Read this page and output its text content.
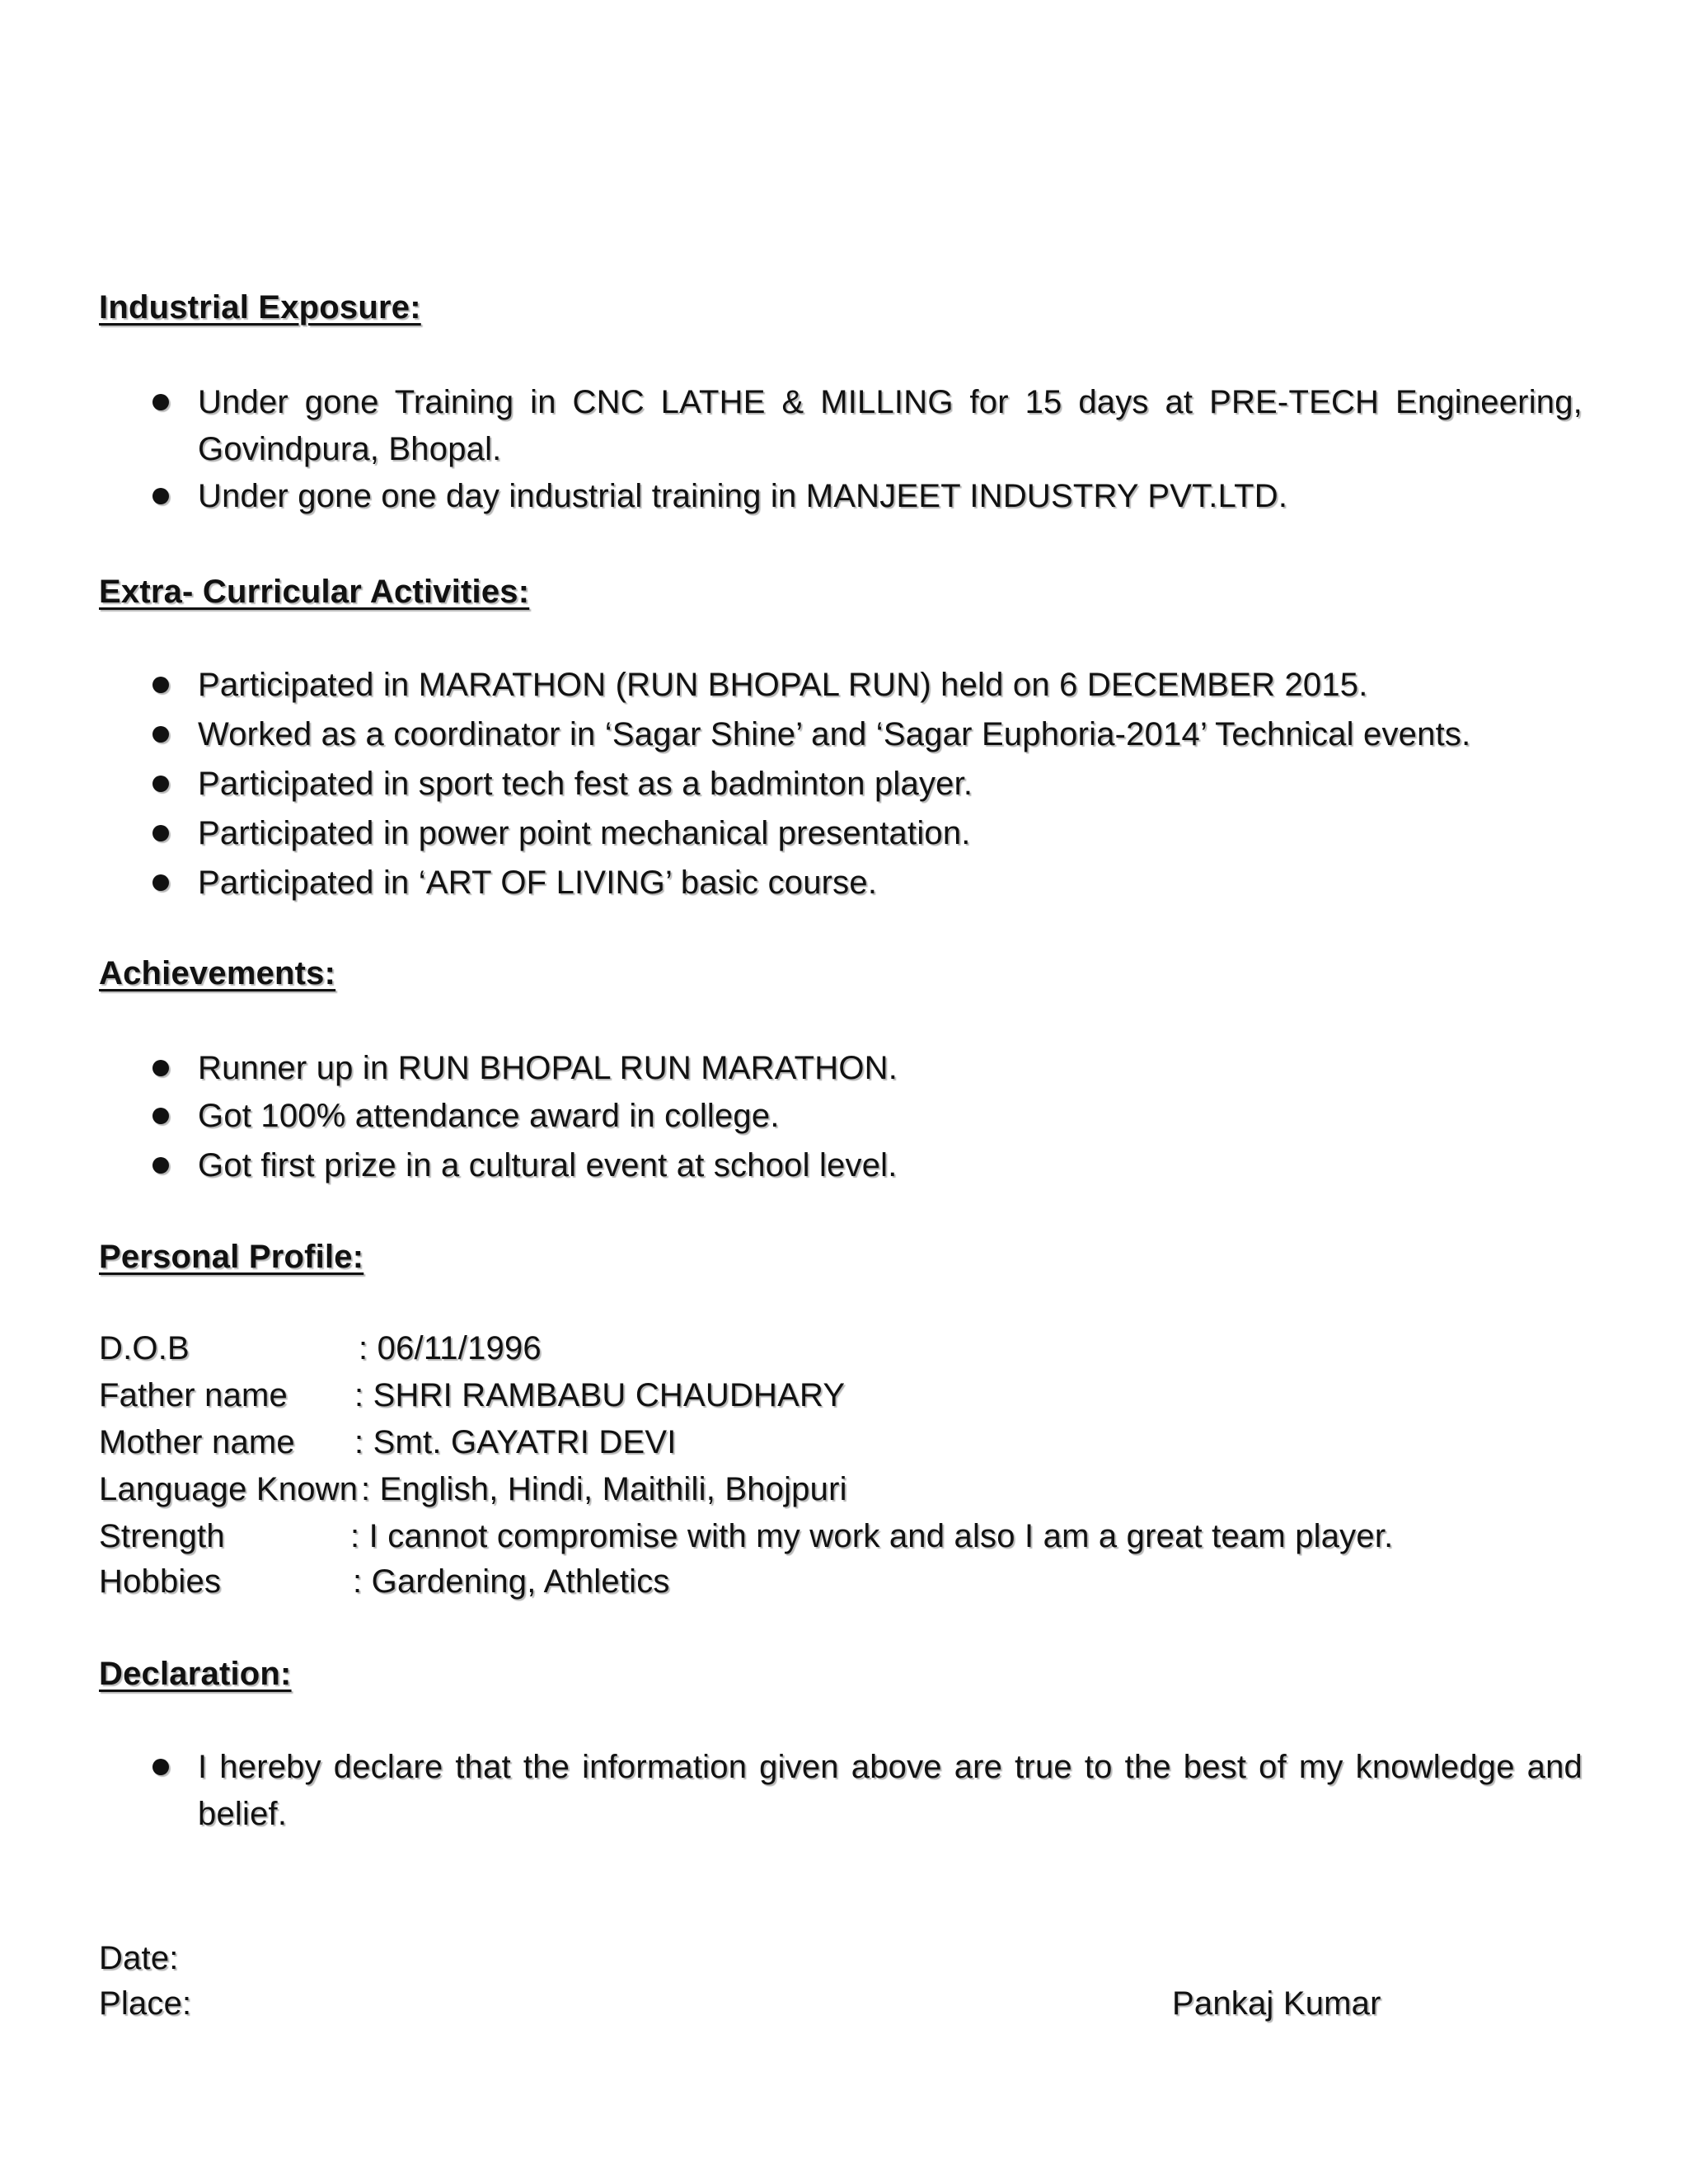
Industrial Exposure:
Under gone Training in CNC LATHE & MILLING for 15 days at PRE-TECH Engineering, Govindpura, Bhopal.
Under gone one day industrial training in MANJEET INDUSTRY PVT.LTD.
Extra- Curricular Activities:
Participated in MARATHON (RUN BHOPAL RUN) held on 6 DECEMBER 2015.
Worked as a coordinator in ‘Sagar Shine’ and ‘Sagar Euphoria-2014’ Technical events.
Participated in sport tech fest as a badminton player.
Participated in power point mechanical presentation.
Participated in ‘ART OF LIVING’ basic course.
Achievements:
Runner up in RUN BHOPAL RUN MARATHON.
Got 100% attendance award in college.
Got first prize in a cultural event at school level.
Personal Profile:
D.O.B	: 06/11/1996
Father name : SHRI RAMBABU CHAUDHARY
Mother name : Smt. GAYATRI DEVI
Language Known : English, Hindi, Maithili, Bhojpuri
Strength	: I cannot compromise with my work and also I am a great team player.
Hobbies	: Gardening, Athletics
Declaration:
I hereby declare that the information given above are true to the best of my knowledge and belief.
Date:
Place:	Pankaj Kumar
